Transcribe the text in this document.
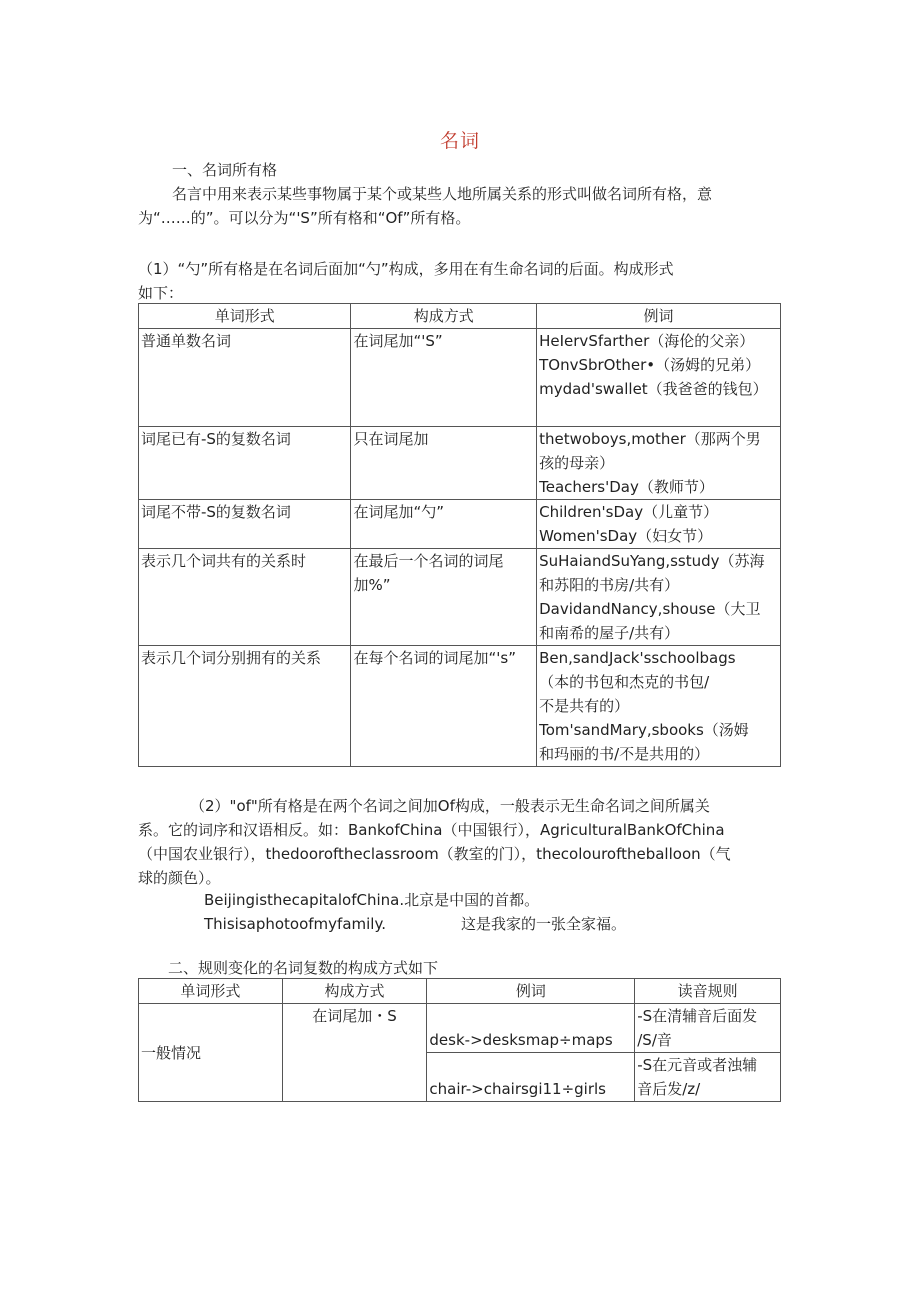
名词
一、名词所有格
名言中用来表示某些事物属于某个或某些人地所属关系的形式叫做名词所有格，意
为“……的”。可以分为“'S”所有格和“Of”所有格。
（1）“勺”所有格是在名词后面加“勺”构成，多用在有生命名词的后面。构成形式
如下：
单词形式	构成方式	例词
普通单数名词	在词尾加“'S”	HeIervSfarther（海伦的父亲）
TOnvSbrOther•（汤姆的兄弟）
mydad'swallet（我爸爸的钱包）

词尾已有-S的复数名词	只在词尾加	thetwoboys,mother（那两个男
孩的母亲）
Teachers'Day（教师节）

词尾不带-S的复数名词	在词尾加“勺”	Children'sDay（儿童节）
Women'sDay（妇女节）

表示几个词共有的关系时	在最后一个名词的词尾加%”	SuHaiandSuYang,sstudy（苏海
和苏阳的书房/共有）
DavidandNancy,shouse（大卫
和南希的屋子/共有）

表示几个词分别拥有的关系	在每个名词的词尾加“'s”	Ben,sandJack'sschoolbags
（本的书包和杰克的书包/
不是共有的）
Tom'sandMary,sbooks（汤姆
和玛丽的书/不是共用的）
（2）"of"所有格是在两个名词之间加Of构成，一般表示无生命名词之间所属关
系。它的词序和汉语相反。如：BankofChina（中国银行），AgriculturalBankOfChina
（中国农业银行），thedooroftheclassroom（教室的门），thecolouroftheballoon（气
球的颜色）。
BeijingisthecapitalofChina.北京是中国的首都。
Thisisaphotoofmyfamily.	这是我家的一张全家福。
二、规则变化的名词复数的构成方式如下
单词形式	构成方式	例词	读音规则
一般情况	在词尾加・S	desk->desksmap÷maps	-S在清辅音后面发
/S/音

		chair->chairsgi11÷girls	-S在元音或者浊辅
音后发/z/
